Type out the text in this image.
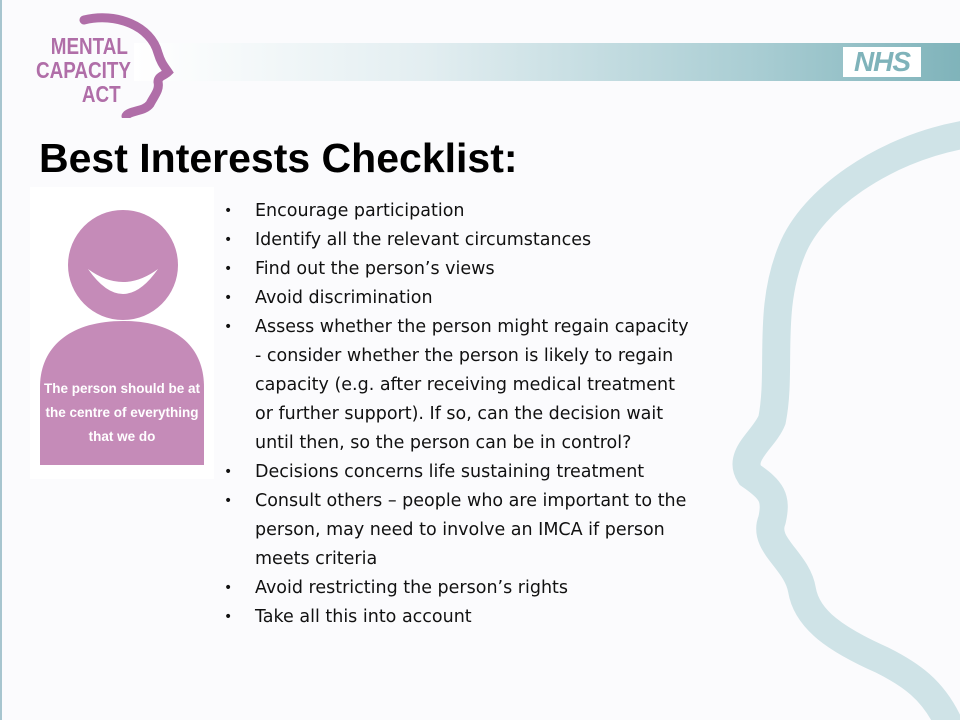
NHS
MENTAL
CAPACITY
ACT
Best Interests Checklist:

The person should be at the centre of everything that we do

• Encourage participation
• Identify all the relevant circumstances
• Find out the person’s views
• Avoid discrimination
• Assess whether the person might regain capacity - consider whether the person is likely to regain capacity (e.g. after receiving medical treatment or further support). If so, can the decision wait until then, so the person can be in control?
• Decisions concerns life sustaining treatment
• Consult others – people who are important to the person, may need to involve an IMCA if person meets criteria
• Avoid restricting the person’s rights
• Take all this into account
